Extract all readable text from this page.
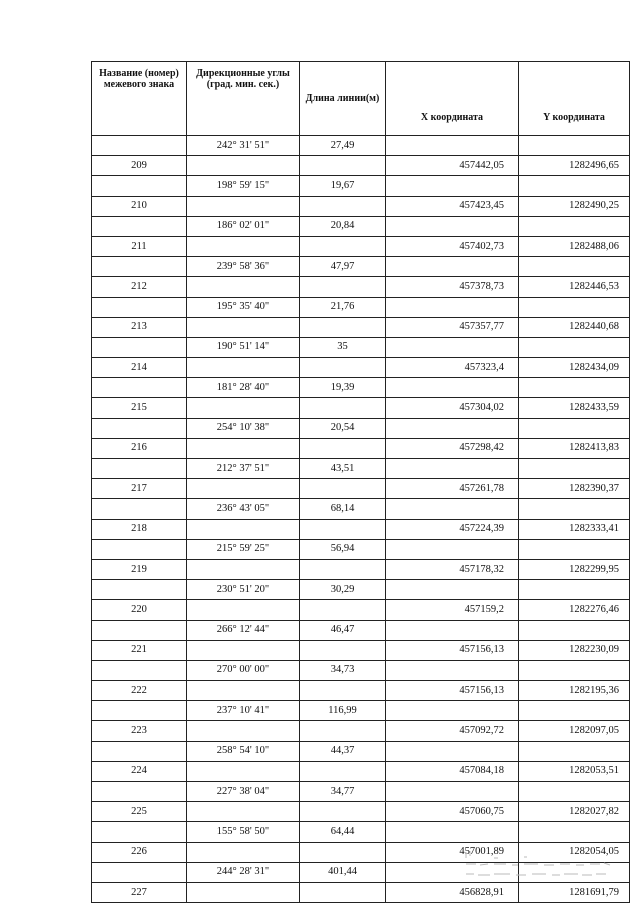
Название (номер) межевого знака	Дирекционные углы (град. мин. сек.)	Длина линии(м)	X координата	Y координата
	242° 31' 51"	27,49		
209			457442,05	1282496,65
	198° 59' 15"	19,67		
210			457423,45	1282490,25
	186° 02' 01"	20,84		
211			457402,73	1282488,06
	239° 58' 36"	47,97		
212			457378,73	1282446,53
	195° 35' 40"	21,76		
213			457357,77	1282440,68
	190° 51' 14"	35		
214			457323,4	1282434,09
	181° 28' 40"	19,39		
215			457304,02	1282433,59
	254° 10' 38"	20,54		
216			457298,42	1282413,83
	212° 37' 51"	43,51		
217			457261,78	1282390,37
	236° 43' 05"	68,14		
218			457224,39	1282333,41
	215° 59' 25"	56,94		
219			457178,32	1282299,95
	230° 51' 20"	30,29		
220			457159,2	1282276,46
	266° 12' 44"	46,47		
221			457156,13	1282230,09
	270° 00' 00"	34,73		
222			457156,13	1282195,36
	237° 10' 41"	116,99		
223			457092,72	1282097,05
	258° 54' 10"	44,37		
224			457084,18	1282053,51
	227° 38' 04"	34,77		
225			457060,75	1282027,82
	155° 58' 50"	64,44		
226			457001,89	1282054,05
	244° 28' 31"	401,44		
227			456828,91	1281691,79
